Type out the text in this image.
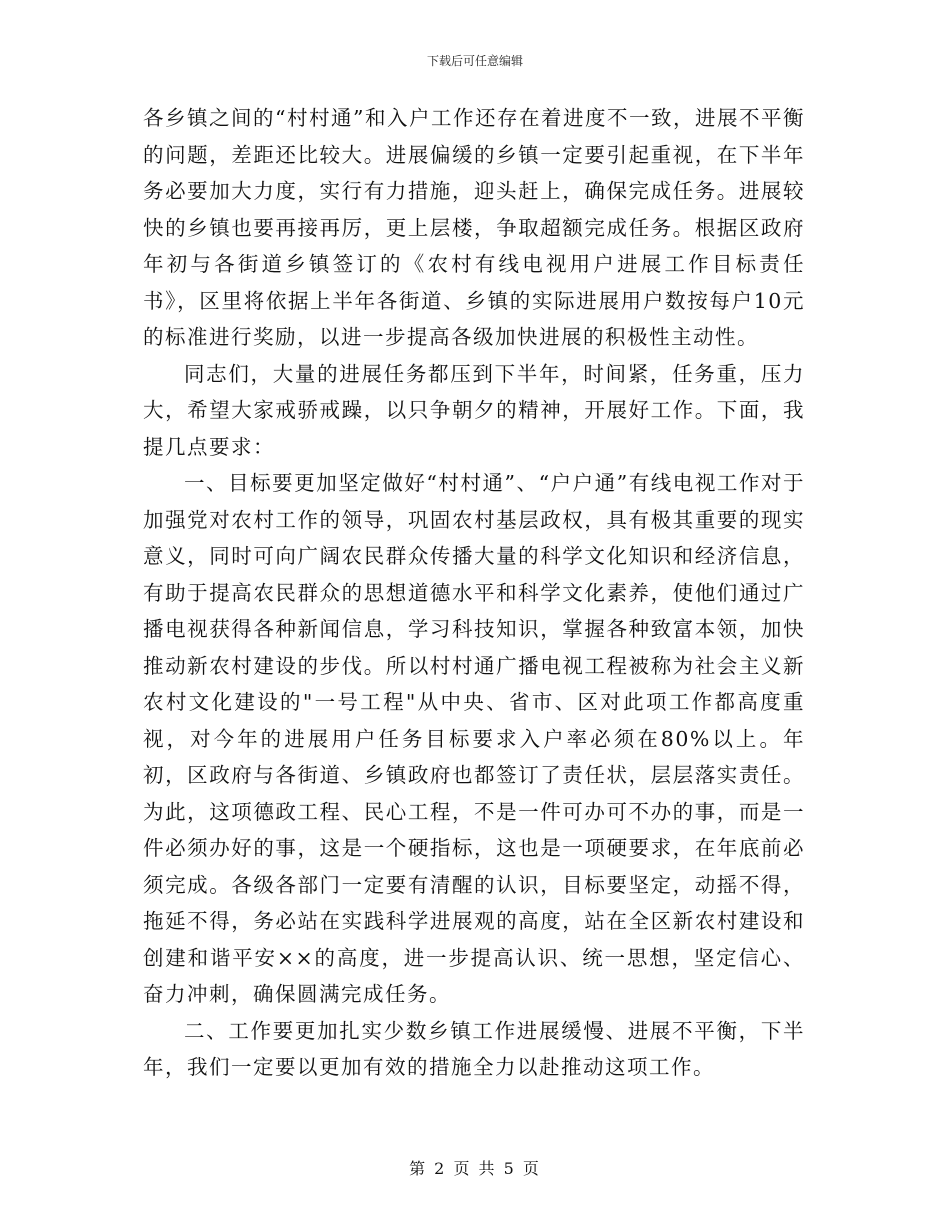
下载后可任意编辑

各乡镇之间的“村村通”和入户工作还存在着进度不一致，进展不平衡的问题，差距还比较大。进展偏缓的乡镇一定要引起重视，在下半年务必要加大力度，实行有力措施，迎头赶上，确保完成任务。进展较快的乡镇也要再接再厉，更上层楼，争取超额完成任务。根据区政府年初与各街道乡镇签订的《农村有线电视用户进展工作目标责任书》，区里将依据上半年各街道、乡镇的实际进展用户数按每户10元的标准进行奖励，以进一步提高各级加快进展的积极性主动性。

同志们，大量的进展任务都压到下半年，时间紧，任务重，压力大，希望大家戒骄戒躁，以只争朝夕的精神，开展好工作。下面，我提几点要求：

一、目标要更加坚定做好“村村通”、“户户通”有线电视工作对于加强党对农村工作的领导，巩固农村基层政权，具有极其重要的现实意义，同时可向广阔农民群众传播大量的科学文化知识和经济信息，有助于提高农民群众的思想道德水平和科学文化素养，使他们通过广播电视获得各种新闻信息，学习科技知识，掌握各种致富本领，加快推动新农村建设的步伐。所以村村通广播电视工程被称为社会主义新农村文化建设的"一号工程"从中央、省市、区对此项工作都高度重视，对今年的进展用户任务目标要求入户率必须在80%以上。年初，区政府与各街道、乡镇政府也都签订了责任状，层层落实责任。为此，这项德政工程、民心工程，不是一件可办可不办的事，而是一件必须办好的事，这是一个硬指标，这也是一项硬要求，在年底前必须完成。各级各部门一定要有清醒的认识，目标要坚定，动摇不得，拖延不得，务必站在实践科学进展观的高度，站在全区新农村建设和创建和谐平安××的高度，进一步提高认识、统一思想，坚定信心、奋力冲刺，确保圆满完成任务。

二、工作要更加扎实少数乡镇工作进展缓慢、进展不平衡，下半年，我们一定要以更加有效的措施全力以赴推动这项工作。

第 2 页 共 5 页
